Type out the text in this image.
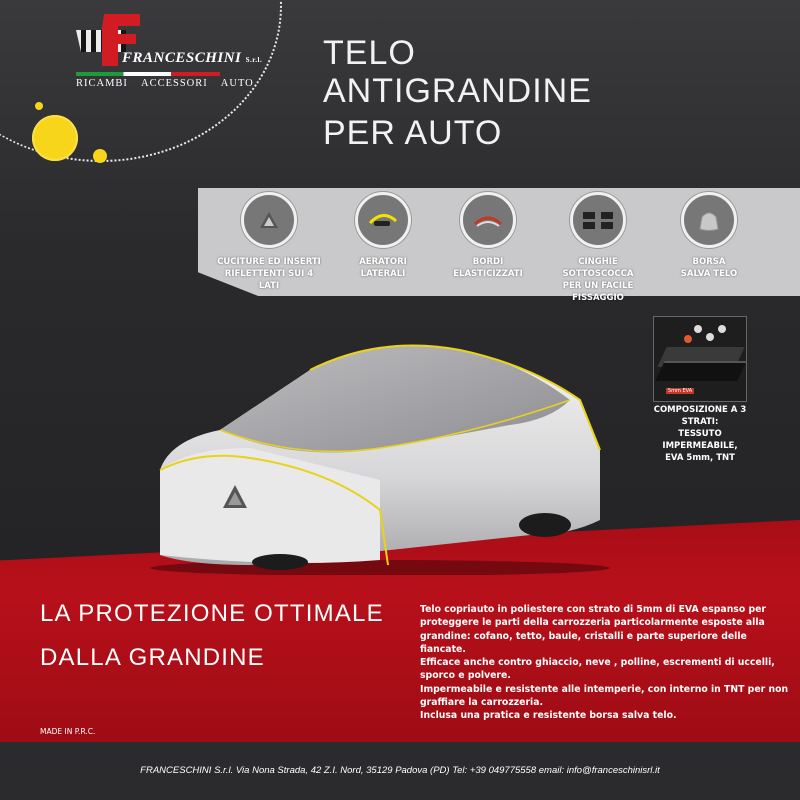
FRANCESCHINI S.r.l.
RICAMBI ACCESSORI AUTO
TELO
ANTIGRANDINE
PER AUTO
CUCITURE ED INSERTI
RIFLETTENTI SUI 4 LATI
AERATORI
LATERALI
BORDI
ELASTICIZZATI
CINGHIE SOTTOSCOCCA
PER UN FACILE FISSAGGIO
BORSA
SALVA TELO
5mm EVA
COMPOSIZIONE A 3 STRATI:
TESSUTO IMPERMEABILE,
EVA 5mm, TNT
LA PROTEZIONE OTTIMALE
DALLA GRANDINE

Telo copriauto in poliestere con strato di 5mm di EVA espanso per proteggere le parti della carrozzeria particolarmente esposte alla grandine: cofano, tetto, baule, cristalli e parte superiore delle fiancate.

Efficace anche contro ghiaccio, neve , polline, escrementi di uccelli, sporco e polvere.

Impermeabile e resistente alle intemperie, con interno in TNT per non graffiare la carrozzeria.

Inclusa una pratica e resistente borsa salva telo.

MADE IN P.R.C.
FRANCESCHINI S.r.l. Via Nona Strada, 42 Z.I. Nord, 35129 Padova (PD) Tel: +39 049775558 email: info@franceschinisrl.it
